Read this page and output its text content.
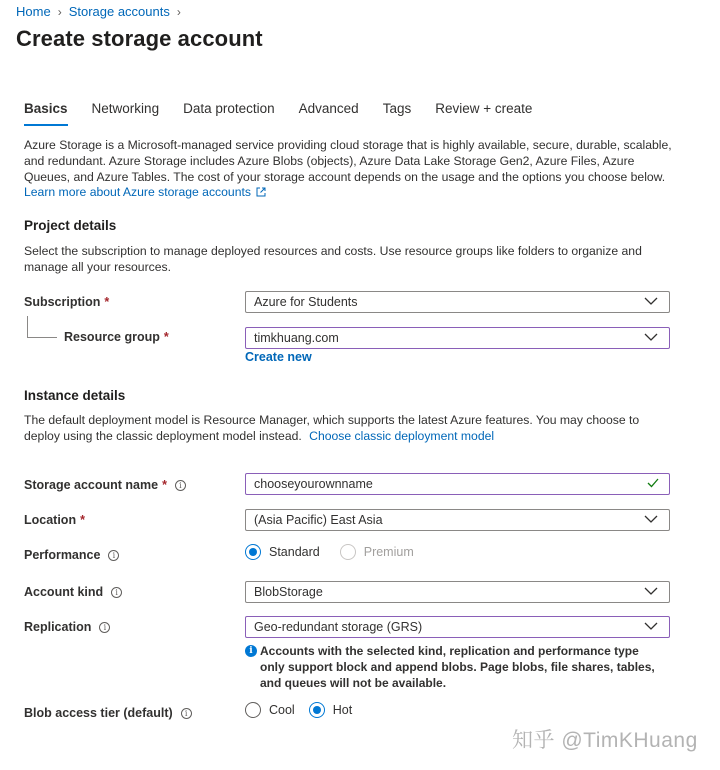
Home › Storage accounts ›
Create storage account
Basics Networking Data protection Advanced Tags Review + create
Azure Storage is a Microsoft-managed service providing cloud storage that is highly available, secure, durable, scalable, and redundant. Azure Storage includes Azure Blobs (objects), Azure Data Lake Storage Gen2, Azure Files, Azure Queues, and Azure Tables. The cost of your storage account depends on the usage and the options you choose below.
Learn more about Azure storage accounts
Project details
Select the subscription to manage deployed resources and costs. Use resource groups like folders to organize and manage all your resources.
Subscription *	Azure for Students
Resource group *	timkhuang.com
Create new
Instance details
The default deployment model is Resource Manager, which supports the latest Azure features. You may choose to deploy using the classic deployment model instead. Choose classic deployment model
Storage account name *	i	chooseyourownname
Location *	(Asia Pacific) East Asia
Performance	i	Standard	Premium
Account kind	i	BlobStorage
Replication	i	Geo-redundant storage (GRS)
i Accounts with the selected kind, replication and performance type only support block and append blobs. Page blobs, file shares, tables, and queues will not be available.
Blob access tier (default)	i	Cool	Hot
知乎 @TimKHuang
